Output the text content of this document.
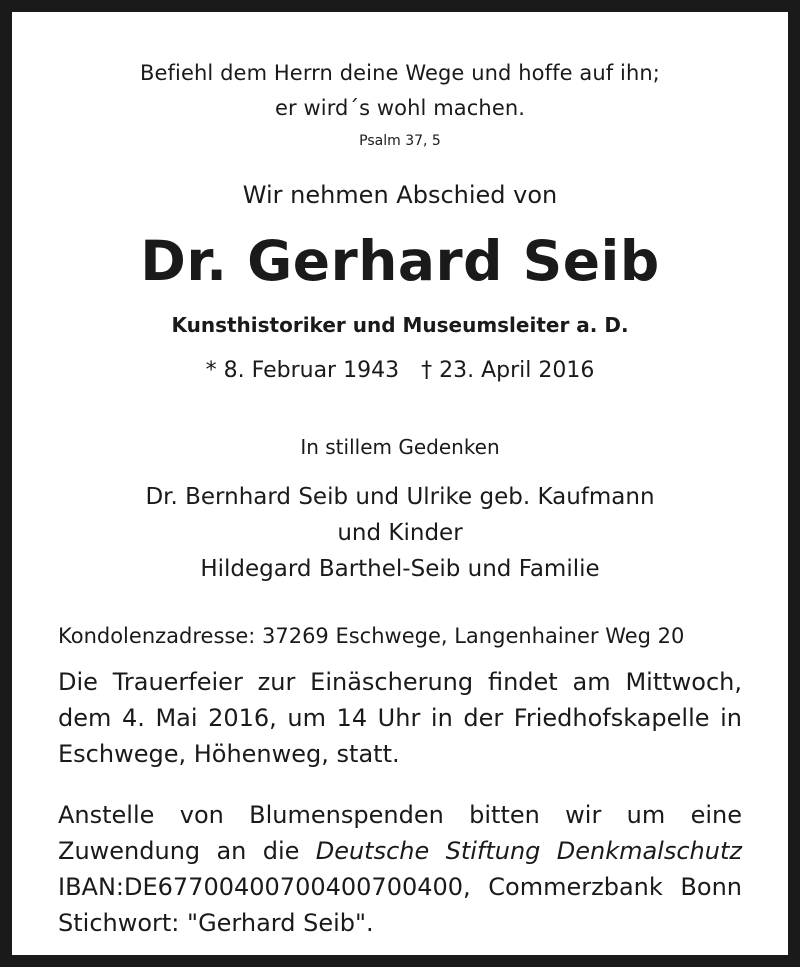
Befiehl dem Herrn deine Wege und hoffe auf ihn;
er wird´s wohl machen.
Psalm 37, 5
Wir nehmen Abschied von
Dr. Gerhard Seib
Kunsthistoriker und Museumsleiter a. D.
* 8. Februar 1943 † 23. April 2016
In stillem Gedenken
Dr. Bernhard Seib und Ulrike geb. Kaufmann
und Kinder
Hildegard Barthel-Seib und Familie
Kondolenzadresse: 37269 Eschwege, Langenhainer Weg 20
Die Trauerfeier zur Einäscherung findet am Mittwoch, dem 4. Mai 2016, um 14 Uhr in der Friedhofskapelle in Eschwege, Höhenweg, statt.
Anstelle von Blumenspenden bitten wir um eine Zuwendung an die Deutsche Stiftung Denkmalschutz IBAN:DE67700400700400700400, Commerzbank Bonn Stichwort: "Gerhard Seib".
